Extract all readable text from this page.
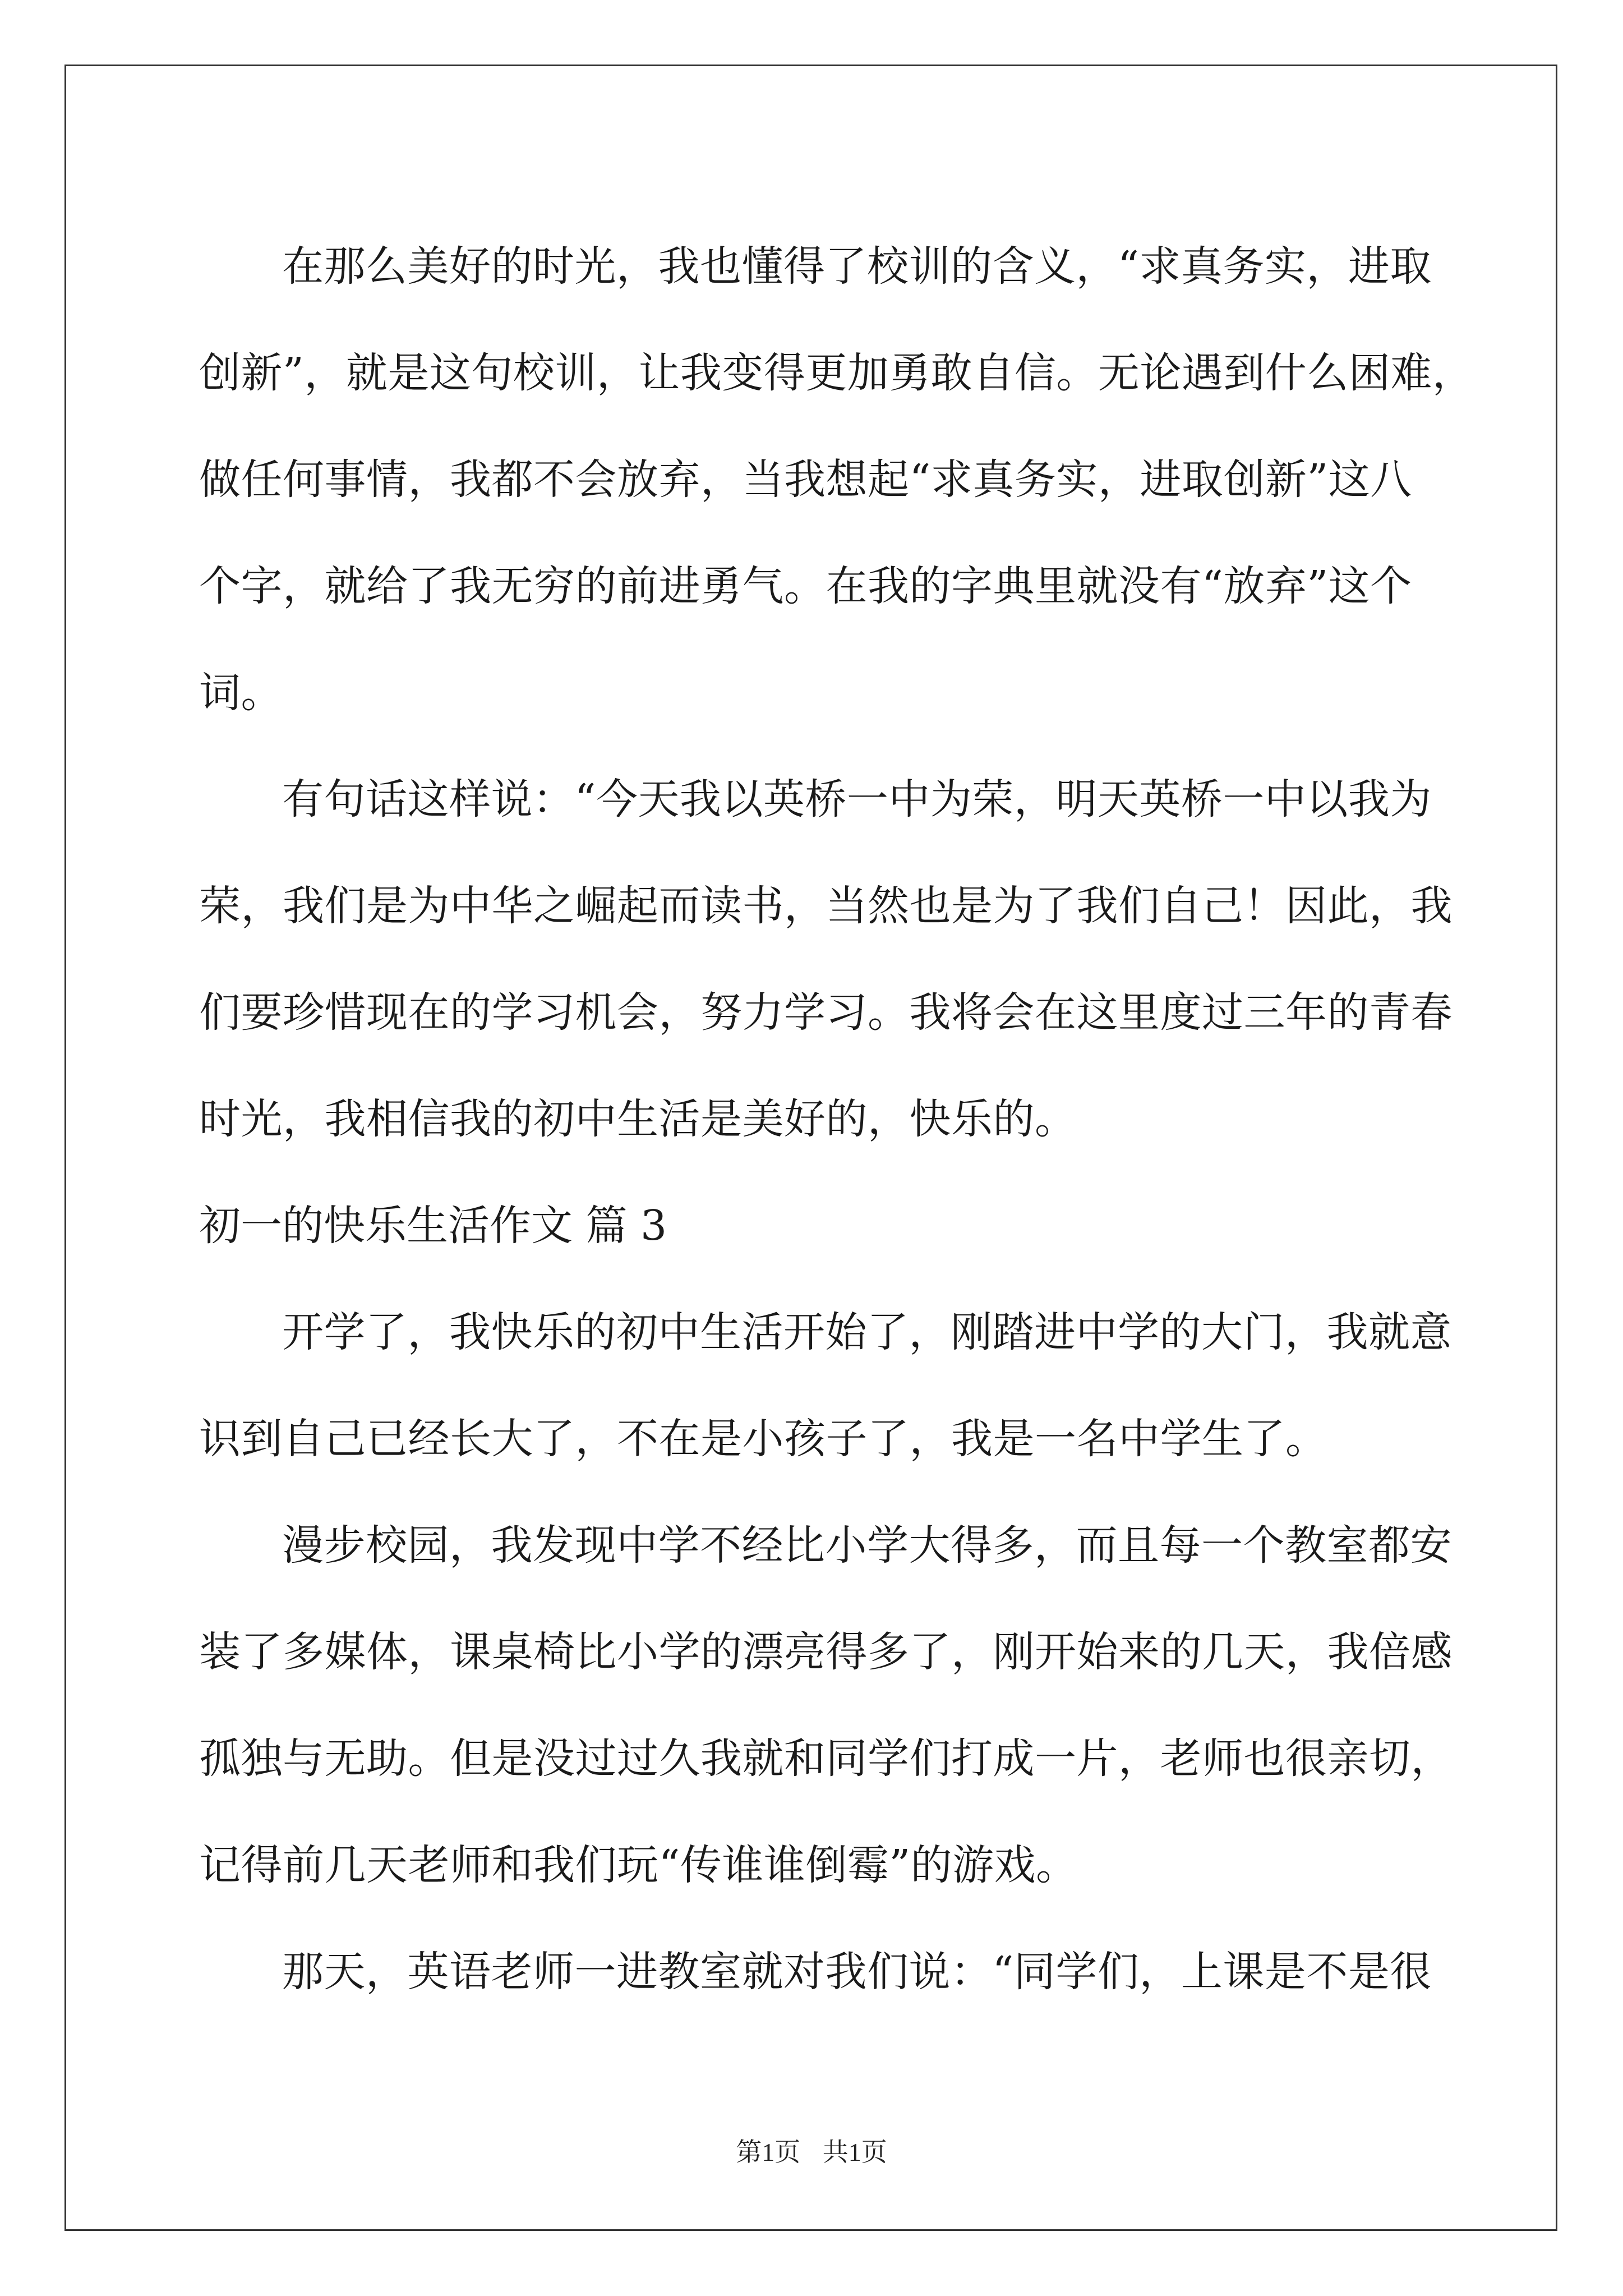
在那么美好的时光，我也懂得了校训的含义，“求真务实，进取
创新”，就是这句校训，让我变得更加勇敢自信。无论遇到什么困难，
做任何事情，我都不会放弃，当我想起“求真务实，进取创新”这八
个字，就给了我无穷的前进勇气。在我的字典里就没有“放弃”这个
词。
有句话这样说：“今天我以英桥一中为荣，明天英桥一中以我为
荣，我们是为中华之崛起而读书，当然也是为了我们自己！因此，我
们要珍惜现在的学习机会，努力学习。我将会在这里度过三年的青春
时光，我相信我的初中生活是美好的，快乐的。
初一的快乐生活作文 篇 3
开学了，我快乐的初中生活开始了，刚踏进中学的大门，我就意
识到自己已经长大了，不在是小孩子了，我是一名中学生了。
漫步校园，我发现中学不经比小学大得多，而且每一个教室都安
装了多媒体，课桌椅比小学的漂亮得多了，刚开始来的几天，我倍感
孤独与无助。但是没过过久我就和同学们打成一片，老师也很亲切，
记得前几天老师和我们玩“传谁谁倒霉”的游戏。
那天，英语老师一进教室就对我们说：“同学们，上课是不是很
第1页 共1页
